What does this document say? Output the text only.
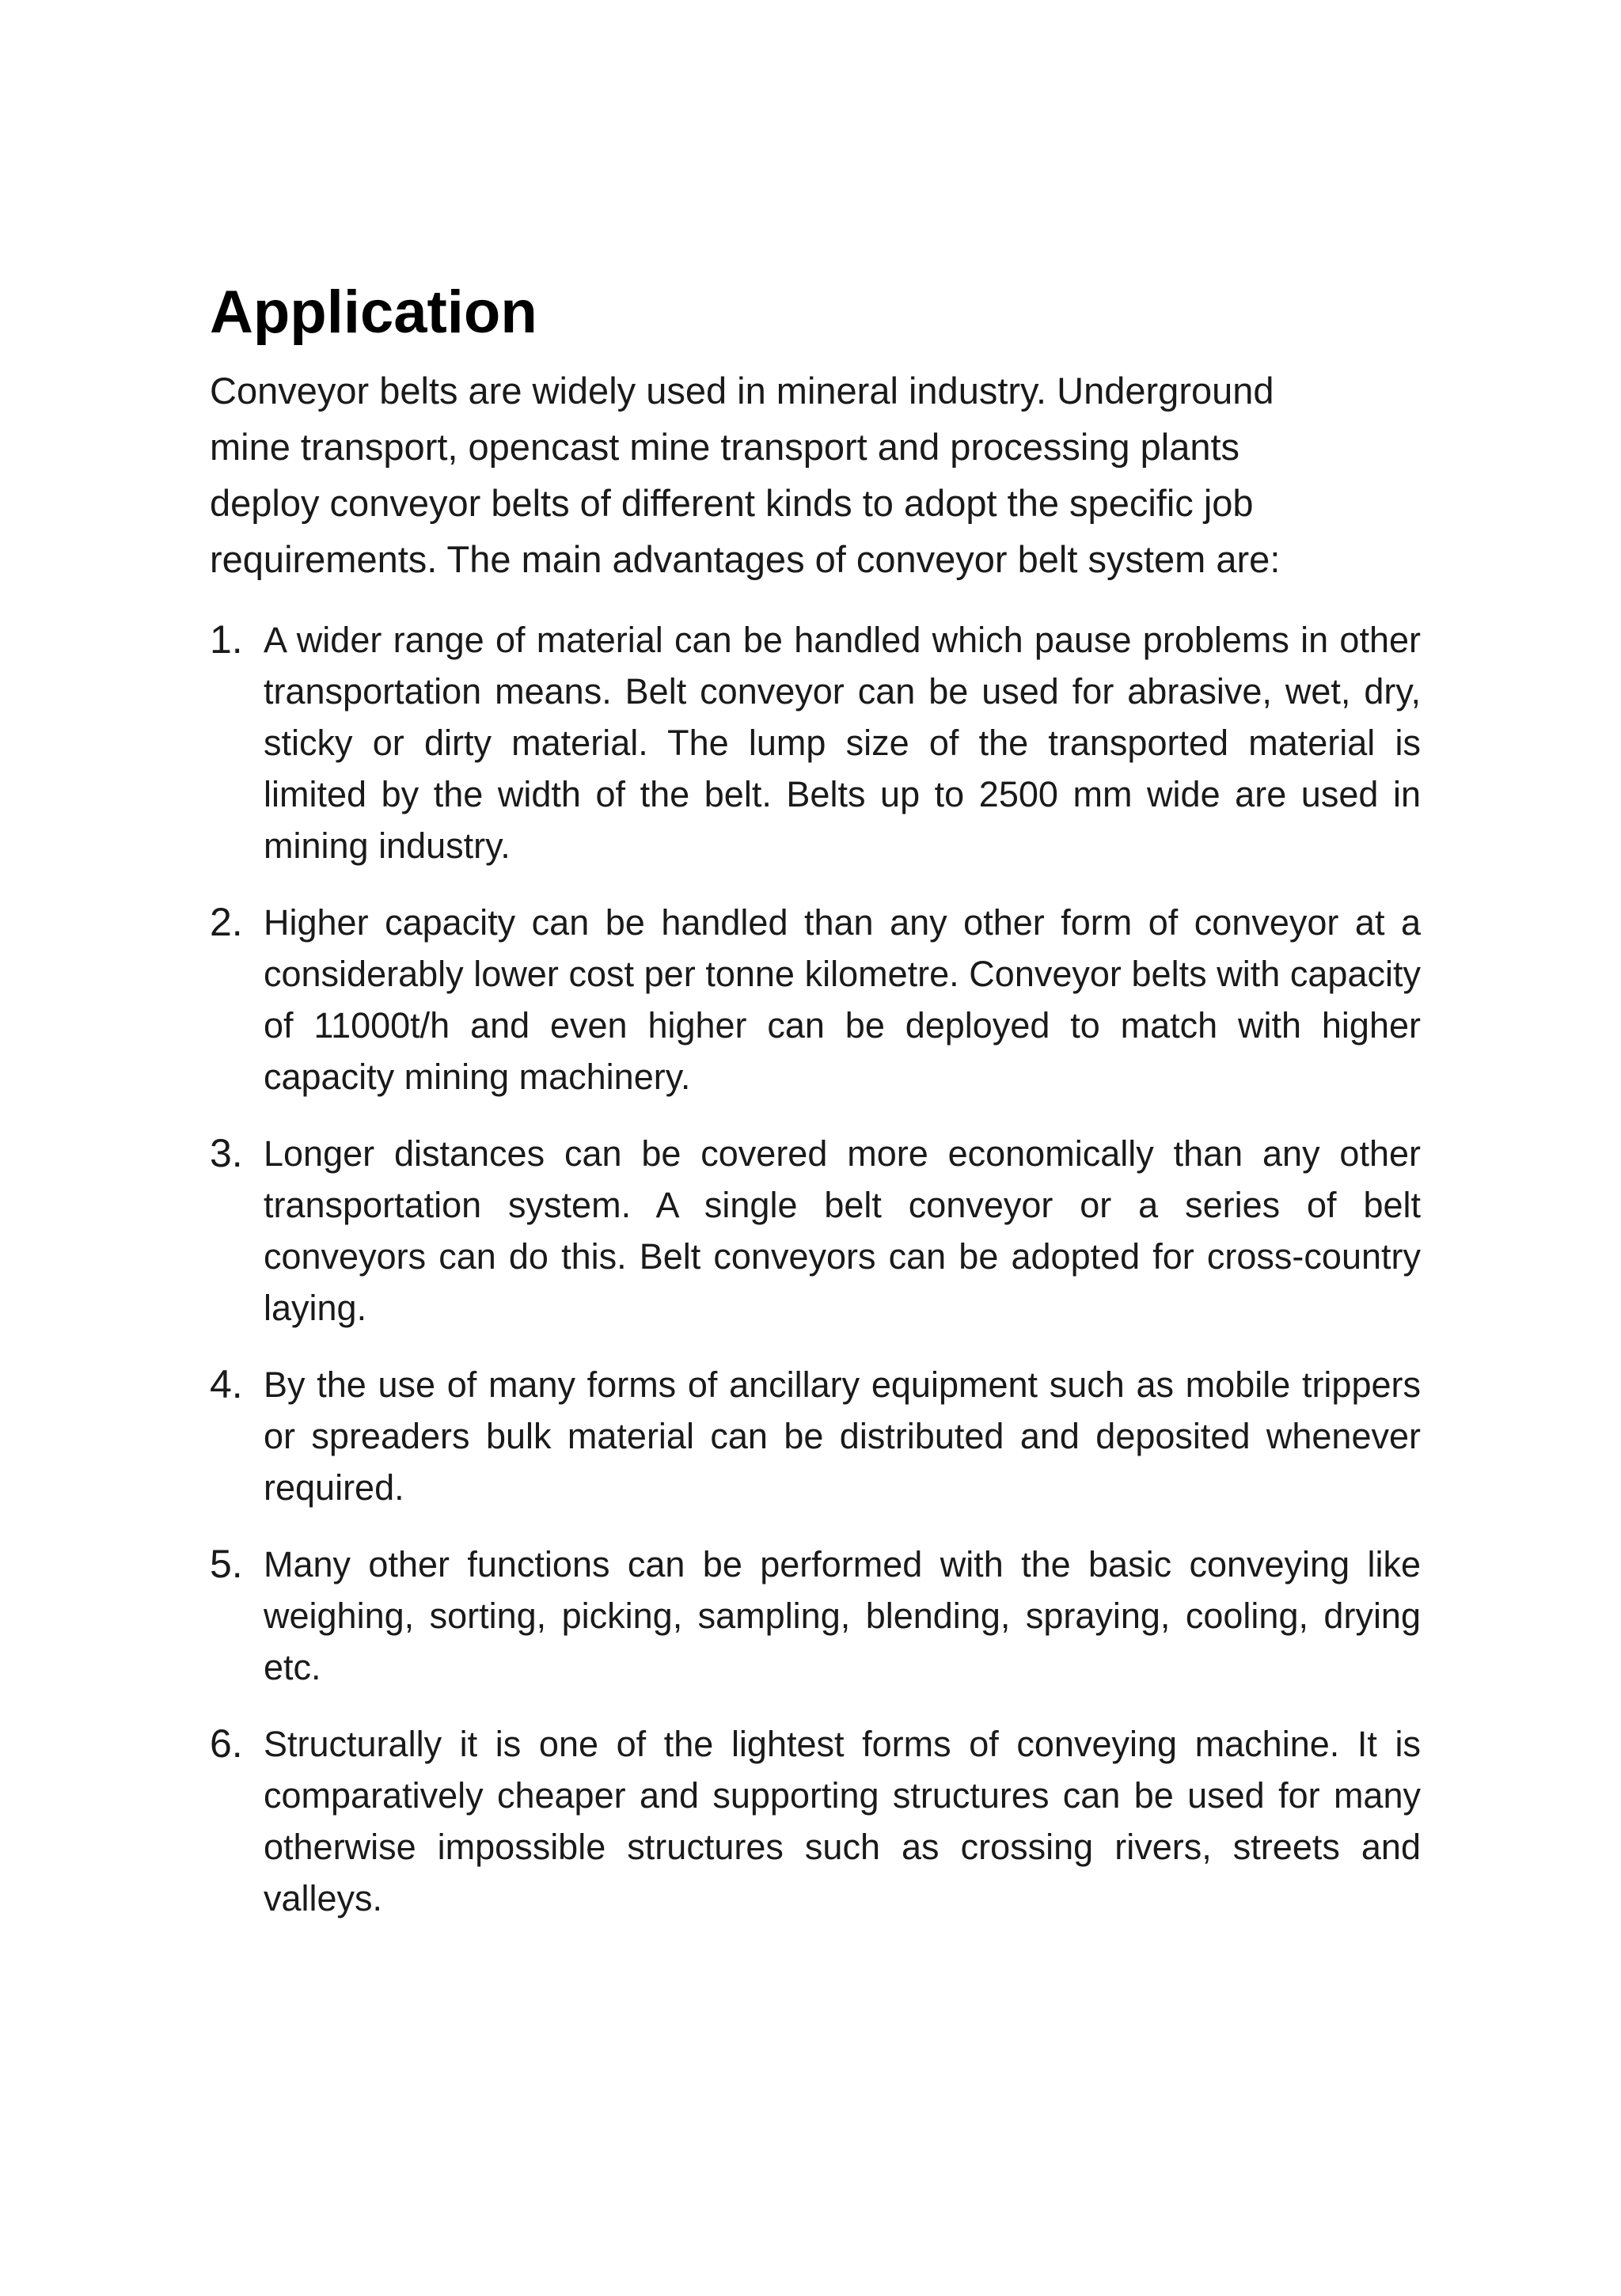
Application

Conveyor belts are widely used in mineral industry. Underground mine transport, opencast mine transport and processing plants deploy conveyor belts of different kinds to adopt the specific job requirements. The main advantages of conveyor belt system are:

1. A wider range of material can be handled which pause problems in other transportation means. Belt conveyor can be used for abrasive, wet, dry, sticky or dirty material. The lump size of the transported material is limited by the width of the belt. Belts up to 2500 mm wide are used in mining industry.

2. Higher capacity can be handled than any other form of conveyor at a considerably lower cost per tonne kilometre. Conveyor belts with capacity of 11000t/h and even higher can be deployed to match with higher capacity mining machinery.

3. Longer distances can be covered more economically than any other transportation system. A single belt conveyor or a series of belt conveyors can do this. Belt conveyors can be adopted for cross-country laying.

4. By the use of many forms of ancillary equipment such as mobile trippers or spreaders bulk material can be distributed and deposited whenever required.

5. Many other functions can be performed with the basic conveying like weighing, sorting, picking, sampling, blending, spraying, cooling, drying etc.

6. Structurally it is one of the lightest forms of conveying machine. It is comparatively cheaper and supporting structures can be used for many otherwise impossible structures such as crossing rivers, streets and valleys.
